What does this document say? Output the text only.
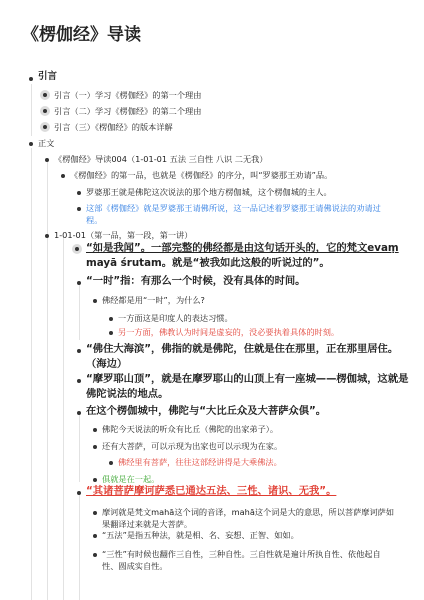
《楞伽经》导读
引言
引言（一）学习《楞伽经》的第一个理由
引言（二）学习《楞伽经》的第二个理由
引言（三）《楞伽经》的版本详解
正文
《楞伽经》导读004（1-01-01 五法 三自性 八识 二无我）
《楞伽经》的第一品，也就是《楞伽经》的序分，叫“罗婆那王劝请”品。
罗婆那王就是佛陀这次说法的那个地方楞伽城，这个楞伽城的主人。
这部《楞伽经》就是罗婆那王请佛所说，这一品记述着罗婆那王请佛说法的劝请过
程。
1-01-01（第一品，第一段，第一讲）
“如是我闻”。一部完整的佛经都是由这句话开头的，它的梵文evaṃ
mayā śrutam。就是“被我如此这般的听说过的”。
“一时”指：有那么一个时候，没有具体的时间。
佛经都是用“一时”，为什么?
一方面这是印度人的表达习惯。
另一方面，佛教认为时间是虚妄的，没必要执着具体的时刻。
“佛住大海滨”，佛指的就是佛陀，住就是住在那里，正在那里居住。
（海边）
“摩罗耶山顶”，就是在摩罗耶山的山顶上有一座城——楞伽城，这就是
佛陀说法的地点。
在这个楞伽城中，佛陀与“大比丘众及大菩萨众俱”。
佛陀今天说法的听众有比丘（佛陀的出家弟子）。
还有大菩萨，可以示现为出家也可以示现为在家。
佛经里有菩萨，往往这部经讲得是大乘佛法。
俱就是在一起。
“其诸菩萨摩诃萨悉已通达五法、三性、诸识、无我”。
摩诃就是梵文mahā这个词的音译，mahā这个词是大的意思，所以菩萨摩诃萨如
果翻译过来就是大菩萨。
“五法”是指五种法，就是相、名、妄想、正智、如如。
“三性”有时候也翻作三自性，三种自性。三自性就是遍计所执自性、依他起自
性、圆成实自性。
